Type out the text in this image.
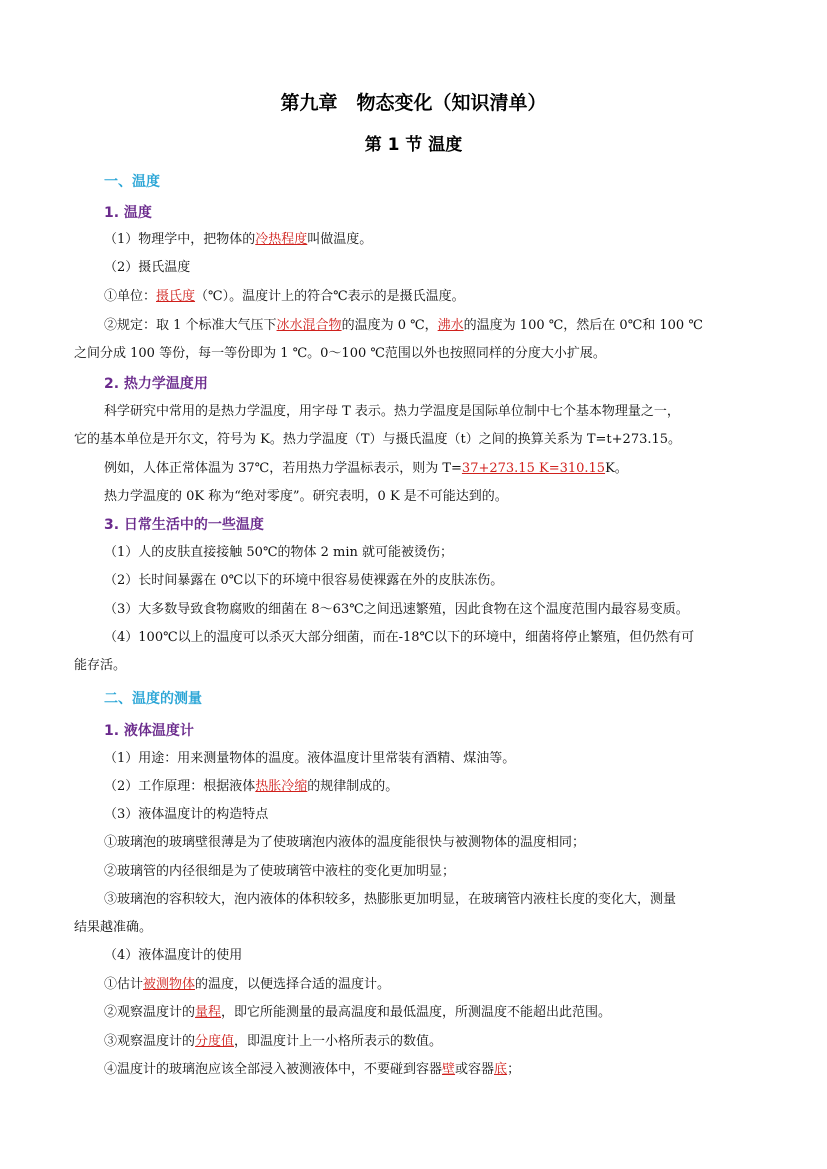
第九章　物态变化（知识清单）
第 1 节 温度
一、温度
1. 温度
（1）物理学中，把物体的冷热程度叫做温度。
（2）摄氏温度
①单位：摄氏度（℃）。温度计上的符合℃表示的是摄氏温度。
②规定：取 1 个标准大气压下冰水混合物的温度为 0 ℃，沸水的温度为 100 ℃，然后在 0℃和 100 ℃
之间分成 100 等份，每一等份即为 1 ℃。0～100 ℃范围以外也按照同样的分度大小扩展。
2. 热力学温度用
科学研究中常用的是热力学温度，用字母 T 表示。热力学温度是国际单位制中七个基本物理量之一，
它的基本单位是开尔文，符号为 K。热力学温度（T）与摄氏温度（t）之间的换算关系为 T=t+273.15。
例如，人体正常体温为 37℃，若用热力学温标表示，则为 T=37+273.15 K=310.15K。
热力学温度的 0K 称为“绝对零度”。研究表明，0 K 是不可能达到的。
3. 日常生活中的一些温度
（1）人的皮肤直接接触 50℃的物体 2 min 就可能被烫伤；
（2）长时间暴露在 0℃以下的环境中很容易使裸露在外的皮肤冻伤。
（3）大多数导致食物腐败的细菌在 8～63℃之间迅速繁殖，因此食物在这个温度范围内最容易变质。
（4）100℃以上的温度可以杀灭大部分细菌，而在-18℃以下的环境中，细菌将停止繁殖，但仍然有可
能存活。
二、温度的测量
1. 液体温度计
（1）用途：用来测量物体的温度。液体温度计里常装有酒精、煤油等。
（2）工作原理：根据液体热胀冷缩的规律制成的。
（3）液体温度计的构造特点
①玻璃泡的玻璃壁很薄是为了使玻璃泡内液体的温度能很快与被测物体的温度相同；
②玻璃管的内径很细是为了使玻璃管中液柱的变化更加明显；
③玻璃泡的容积较大，泡内液体的体积较多，热膨胀更加明显，在玻璃管内液柱长度的变化大，测量
结果越准确。
（4）液体温度计的使用
①估计被测物体的温度，以便选择合适的温度计。
②观察温度计的量程，即它所能测量的最高温度和最低温度，所测温度不能超出此范围。
③观察温度计的分度值，即温度计上一小格所表示的数值。
④温度计的玻璃泡应该全部浸入被测液体中，不要碰到容器壁或容器底；
